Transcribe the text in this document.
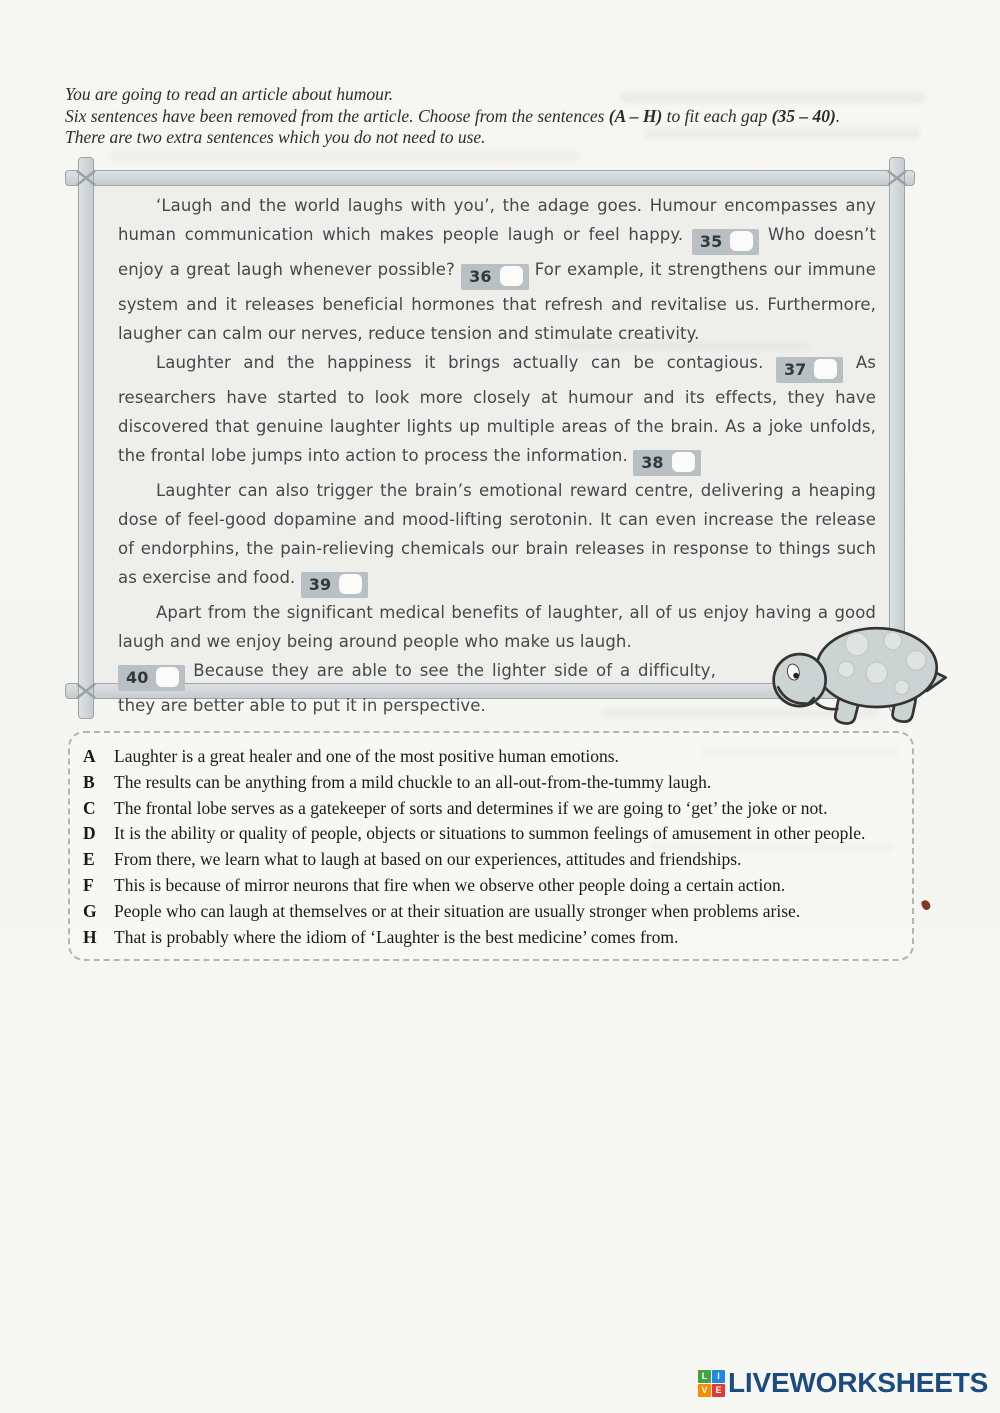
You are going to read an article about humour.
Six sentences have been removed from the article. Choose from the sentences (A – H) to fit each gap (35 – 40).
There are two extra sentences which you do not need to use.

‘Laugh and the world laughs with you’, the adage goes. Humour encompasses any human communication which makes people laugh or feel happy. 35 Who doesn’t enjoy a great laugh whenever possible? 36 For example, it strengthens our immune system and it releases beneficial hormones that refresh and revitalise us. Furthermore, laugher can calm our nerves, reduce tension and stimulate creativity.

Laughter and the happiness it brings actually can be contagious. 37 As researchers have started to look more closely at humour and its effects, they have discovered that genuine laughter lights up multiple areas of the brain. As a joke unfolds, the frontal lobe jumps into action to process the information. 38

Laughter can also trigger the brain’s emotional reward centre, delivering a heaping dose of feel-good dopamine and mood-lifting serotonin. It can even increase the release of endorphins, the pain-relieving chemicals our brain releases in response to things such as exercise and food. 39

Apart from the significant medical benefits of laughter, all of us enjoy having a
good laugh and we enjoy being around people who make us laugh.
40 Because they are able to see the lighter side of a difficulty, they are better able to put it in perspective.

A	Laughter is a great healer and one of the most positive human emotions.
B	The results can be anything from a mild chuckle to an all-out-from-the-tummy laugh.
C	The frontal lobe serves as a gatekeeper of sorts and determines if we are going to ‘get’ the joke or not.
D	It is the ability or quality of people, objects or situations to summon feelings of amusement in other people.
E	From there, we learn what to laugh at based on our experiences, attitudes and friendships.
F	This is because of mirror neurons that fire when we observe other people doing a certain action.
G People who can laugh at themselves or at their situation are usually stronger when problems arise.
H That is probably where the idiom of ‘Laughter is the best medicine’ comes from.
L	I
V E LIVEWORKSHEETS
